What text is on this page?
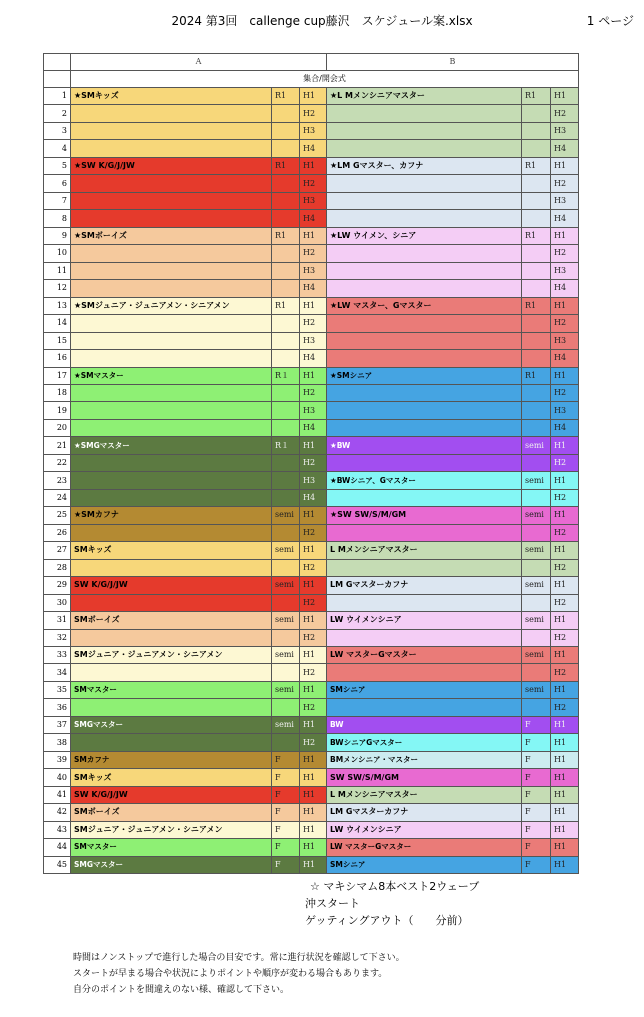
2024 第3回　callenge cup藤沢　スケジュール案.xlsx	1 ページ
	A			B		
	集合/開会式					
1	★SMキッズ	R1	H1	★L Mメンシニアマスター	R1	H1
2			H2			H2
3			H3			H3
4			H4			H4
5	★SW K/G/J/JW	R1	H1	★LM Gマスター、カフナ	R1	H1
6			H2			H2
7			H3			H3
8			H4			H4
9	★SMボーイズ	R1	H1	★LW ウイメン、シニア	R1	H1
10			H2			H2
11			H3			H3
12			H4			H4
13	★SMジュニア・ジュニアメン・シニアメン	R1	H1	★LW マスター、Gマスター	R1	H1
14			H2			H2
15			H3			H3
16			H4			H4
17	★SMマスター	R１	H1	★SMシニア	R1	H1
18			H2			H2
19			H3			H3
20			H4			H4
21	★SMGマスター	R１	H1	★BW	semi	H1
22			H2			H2
23			H3	★BWシニア、Gマスター	semi	H1
24			H4			H2
25	★SMカフナ	semi	H1	★SW SW/S/M/GM	semi	H1
26			H2			H2
27	SMキッズ	semi	H1	L Mメンシニアマスター	semi	H1
28			H2			H2
29	SW K/G/J/JW	semi	H1	LM Gマスターカフナ	semi	H1
30			H2			H2
31	SMボーイズ	semi	H1	LW ウイメンシニア	semi	H1
32			H2			H2
33	SMジュニア・ジュニアメン・シニアメン	semi	H1	LW マスターGマスター	semi	H1
34			H2			H2
35	SMマスター	semi	H1	SMシニア	semi	H1
36			H2			H2
37	SMGマスター	semi	H1	BW	F	H1
38			H2	BWシニアGマスター	F	H1
39	SMカフナ	F	H1	BMメンシニア・マスター	F	H1
40	SMキッズ	F	H1	SW SW/S/M/GM	F	H1
41	SW K/G/J/JW	F	H1	L Mメンシニアマスター	F	H1
42	SMボーイズ	F	H1	LM Gマスターカフナ	F	H1
43	SMジュニア・ジュニアメン・シニアメン	F	H1	LW ウイメンシニア	F	H1
44	SMマスター	F	H1	LW マスターGマスター	F	H1
45	SMGマスター	F	H1	SMシニア	F	H1
☆ マキシマム8本ベスト2ウェーブ
沖スタート
ゲッティングアウト（　　分前）
時間はノンストップで進行した場合の目安です。常に進行状況を確認して下さい。
スタートが早まる場合や状況によりポイントや順序が変わる場合もあります。
自分のポイントを間違えのない様、確認して下さい。
